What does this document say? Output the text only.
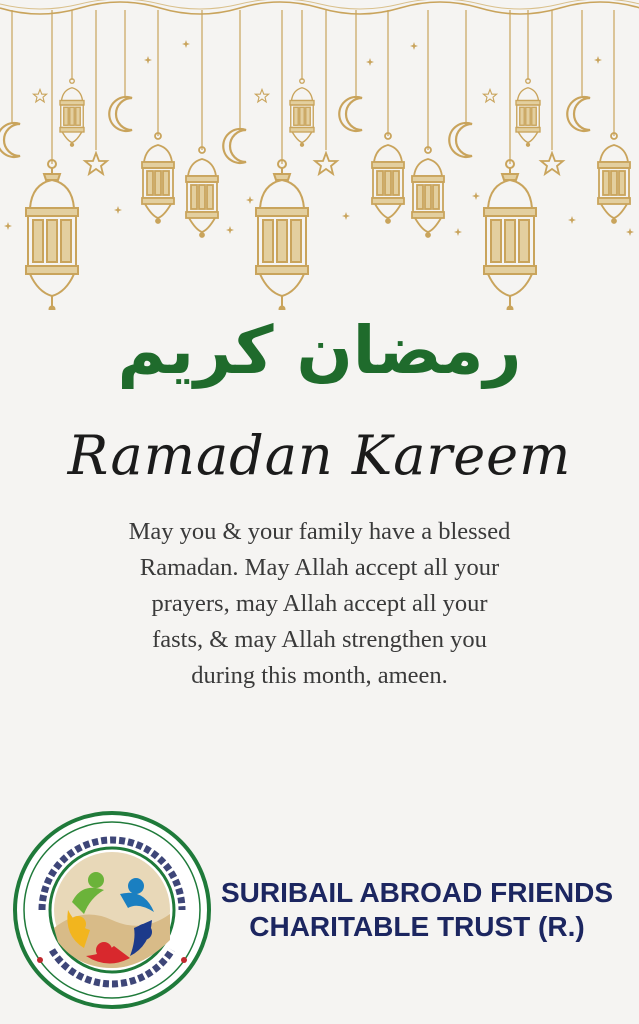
رمضان كريم
Ramadan Kareem
May you & your family have a blessed
Ramadan. May Allah accept all your
prayers, may Allah accept all your
fasts, & may Allah strengthen you
during this month, ameen.
SURIBAIL ABROAD FRIENDS
CHARITABLE TRUST (R.)
